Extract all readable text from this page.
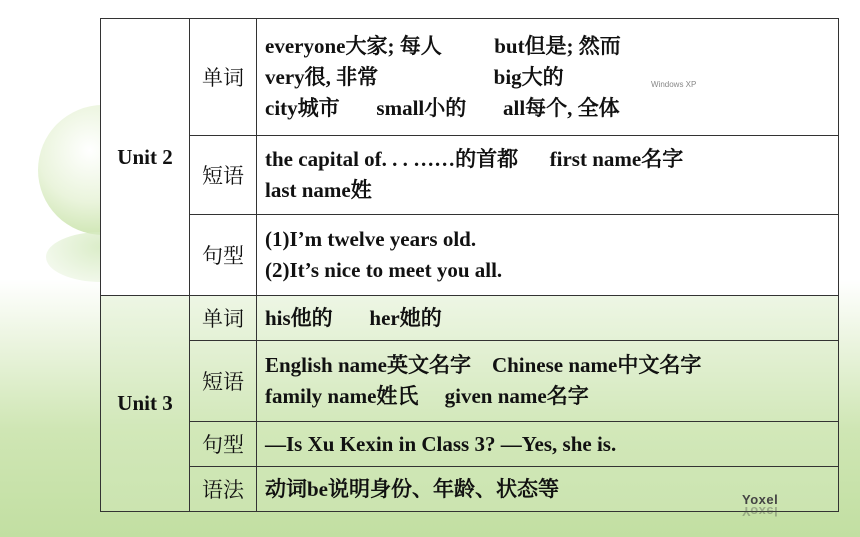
Unit 2	单词	everyone大家; 每人          but但是; 然而
very很, 非常                      big大的
city城市       small小的       all每个, 全体

	短语	the capital of. . . ……的首都      first name名字
last name姓

	句型	(1)I’m twelve years old.
(2)It’s nice to meet you all.

Unit 3	单词	his他的       her她的

	短语	English name英文名字    Chinese name中文名字
family name姓氏     given name名字

	句型	—Is Xu Kexin in Class 3? —Yes, she is.

	语法	动词be说明身份、年龄、状态等
Windows XP
Yoxel
Yoxel
